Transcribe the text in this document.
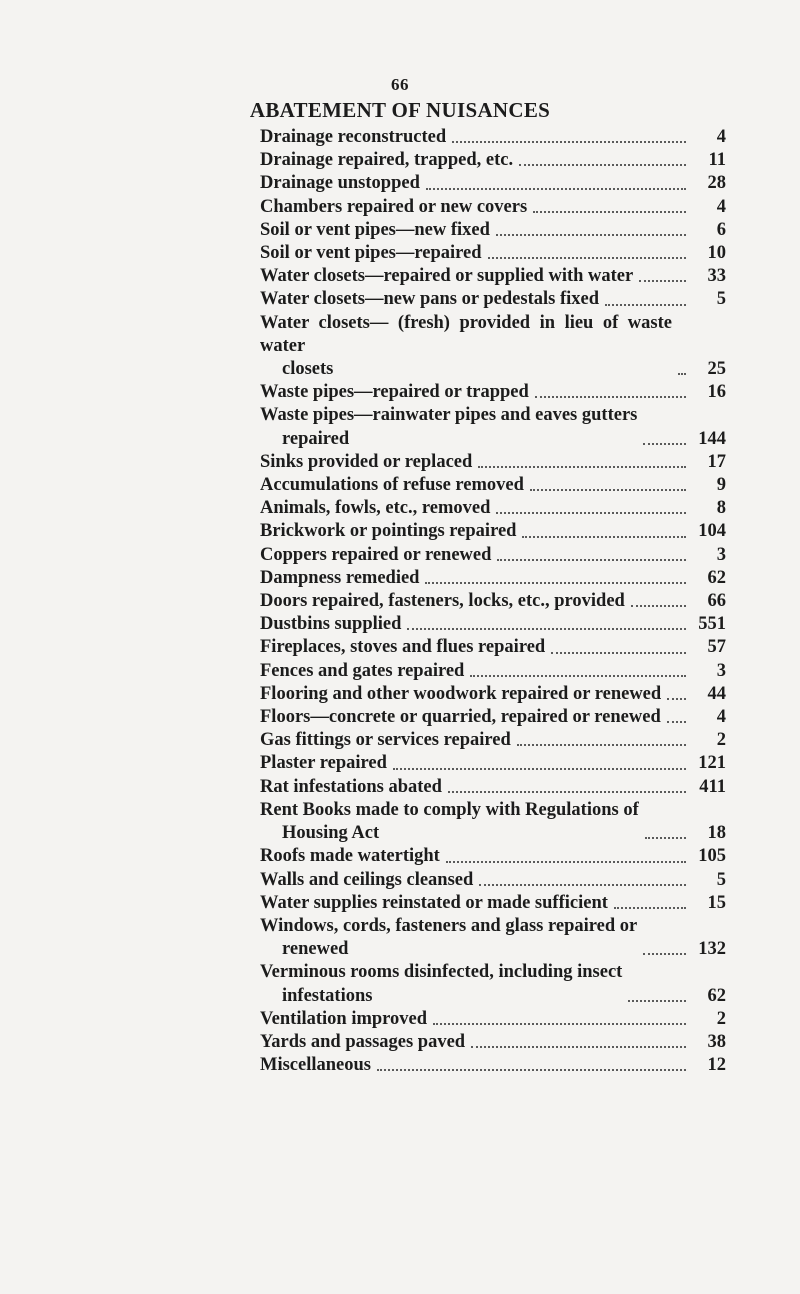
66
ABATEMENT OF NUISANCES
Drainage reconstructed	4
Drainage repaired, trapped, etc.	11
Drainage unstopped	28
Chambers repaired or new covers	4
Soil or vent pipes—new fixed	6
Soil or vent pipes—repaired	10
Water closets—repaired or supplied with water	33
Water closets—new pans or pedestals fixed	5
Water closets— (fresh) provided in lieu of waste water
closets	25
Waste pipes—repaired or trapped	16
Waste pipes—rainwater pipes and eaves gutters
repaired	144
Sinks provided or replaced	17
Accumulations of refuse removed	9
Animals, fowls, etc., removed	8
Brickwork or pointings repaired	104
Coppers repaired or renewed	3
Dampness remedied	62
Doors repaired, fasteners, locks, etc., provided	66
Dustbins supplied	551
Fireplaces, stoves and flues repaired	57
Fences and gates repaired	3
Flooring and other woodwork repaired or renewed	44
Floors—concrete or quarried, repaired or renewed	4
Gas fittings or services repaired	2
Plaster repaired	121
Rat infestations abated	411
Rent Books made to comply with Regulations of
Housing Act	18
Roofs made watertight	105
Walls and ceilings cleansed	5
Water supplies reinstated or made sufficient	15
Windows, cords, fasteners and glass repaired or
renewed	132
Verminous rooms disinfected, including insect
infestations	62
Ventilation improved	2
Yards and passages paved	38
Miscellaneous	12
